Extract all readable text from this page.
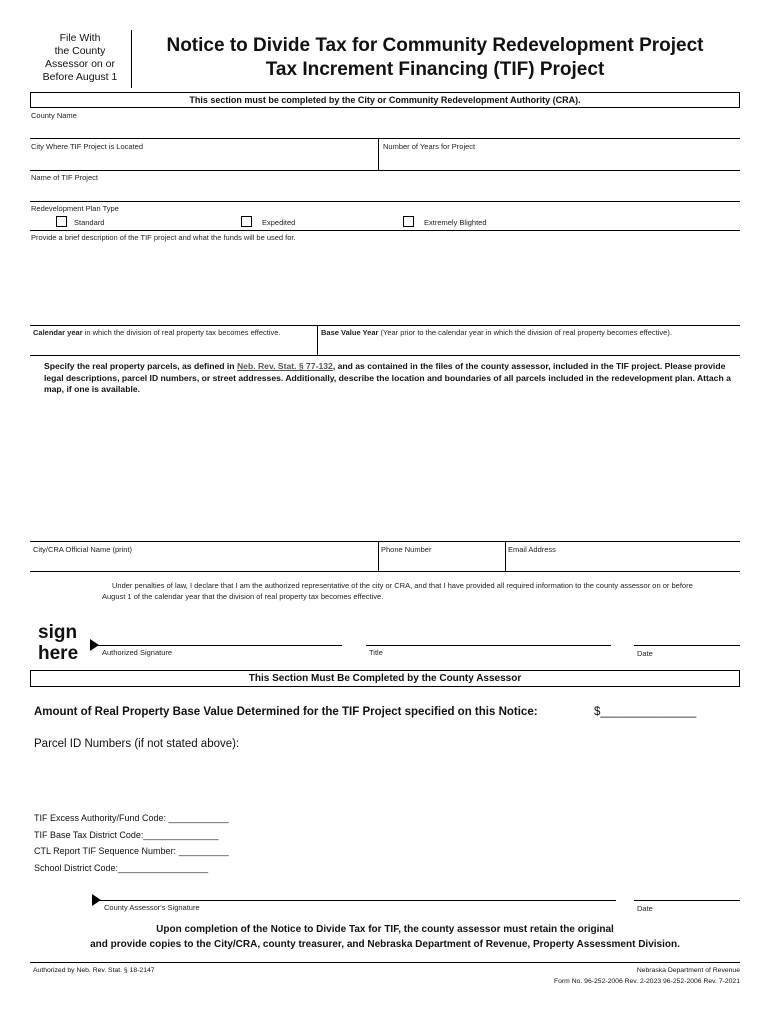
File With
the County
Assessor on or
Before August 1
Notice to Divide Tax for Community Redevelopment Project
Tax Increment Financing (TIF) Project
This section must be completed by the City or Community Redevelopment Authority (CRA).
County Name
City Where TIF Project is Located	Number of Years for Project
Name of TIF Project
Redevelopment Plan Type
Standard	Expedited	Extremely Blighted
Provide a brief description of the TIF project and what the funds will be used for.
Calendar year in which the division of real property tax becomes effective.	Base Value Year (Year prior to the calendar year in which the division of real property becomes effective).
Specify the real property parcels, as defined in Neb. Rev. Stat. § 77-132, and as contained in the files of the county assessor, included in the TIF project. Please provide legal descriptions, parcel ID numbers, or street addresses. Additionally, describe the location and boundaries of all parcels included in the redevelopment plan. Attach a map, if one is available.
City/CRA Official Name (print)	Phone Number	Email Address
Under penalties of law, I declare that I am the authorized representative of the city or CRA, and that I have provided all required information to the county assessor on or before August 1 of the calendar year that the division of real property tax becomes effective.
sign
here	Authorized Signature	Title	Date
This Section Must Be Completed by the County Assessor
Amount of Real Property Base Value Determined for the TIF Project specified on this Notice:	$_______________
Parcel ID Numbers (if not stated above):
TIF Excess Authority/Fund Code: ____________
TIF Base Tax District Code:_______________
CTL Report TIF Sequence Number: __________
School District Code:__________________
County Assessor's Signature	Date
Upon completion of the Notice to Divide Tax for TIF, the county assessor must retain the original
and provide copies to the City/CRA, county treasurer, and Nebraska Department of Revenue, Property Assessment Division.
Authorized by Neb. Rev. Stat. § 18-2147	Nebraska Department of Revenue
Form No. 96-252-2006 Rev. 2-2023 96-252-2006 Rev. 7-2021
